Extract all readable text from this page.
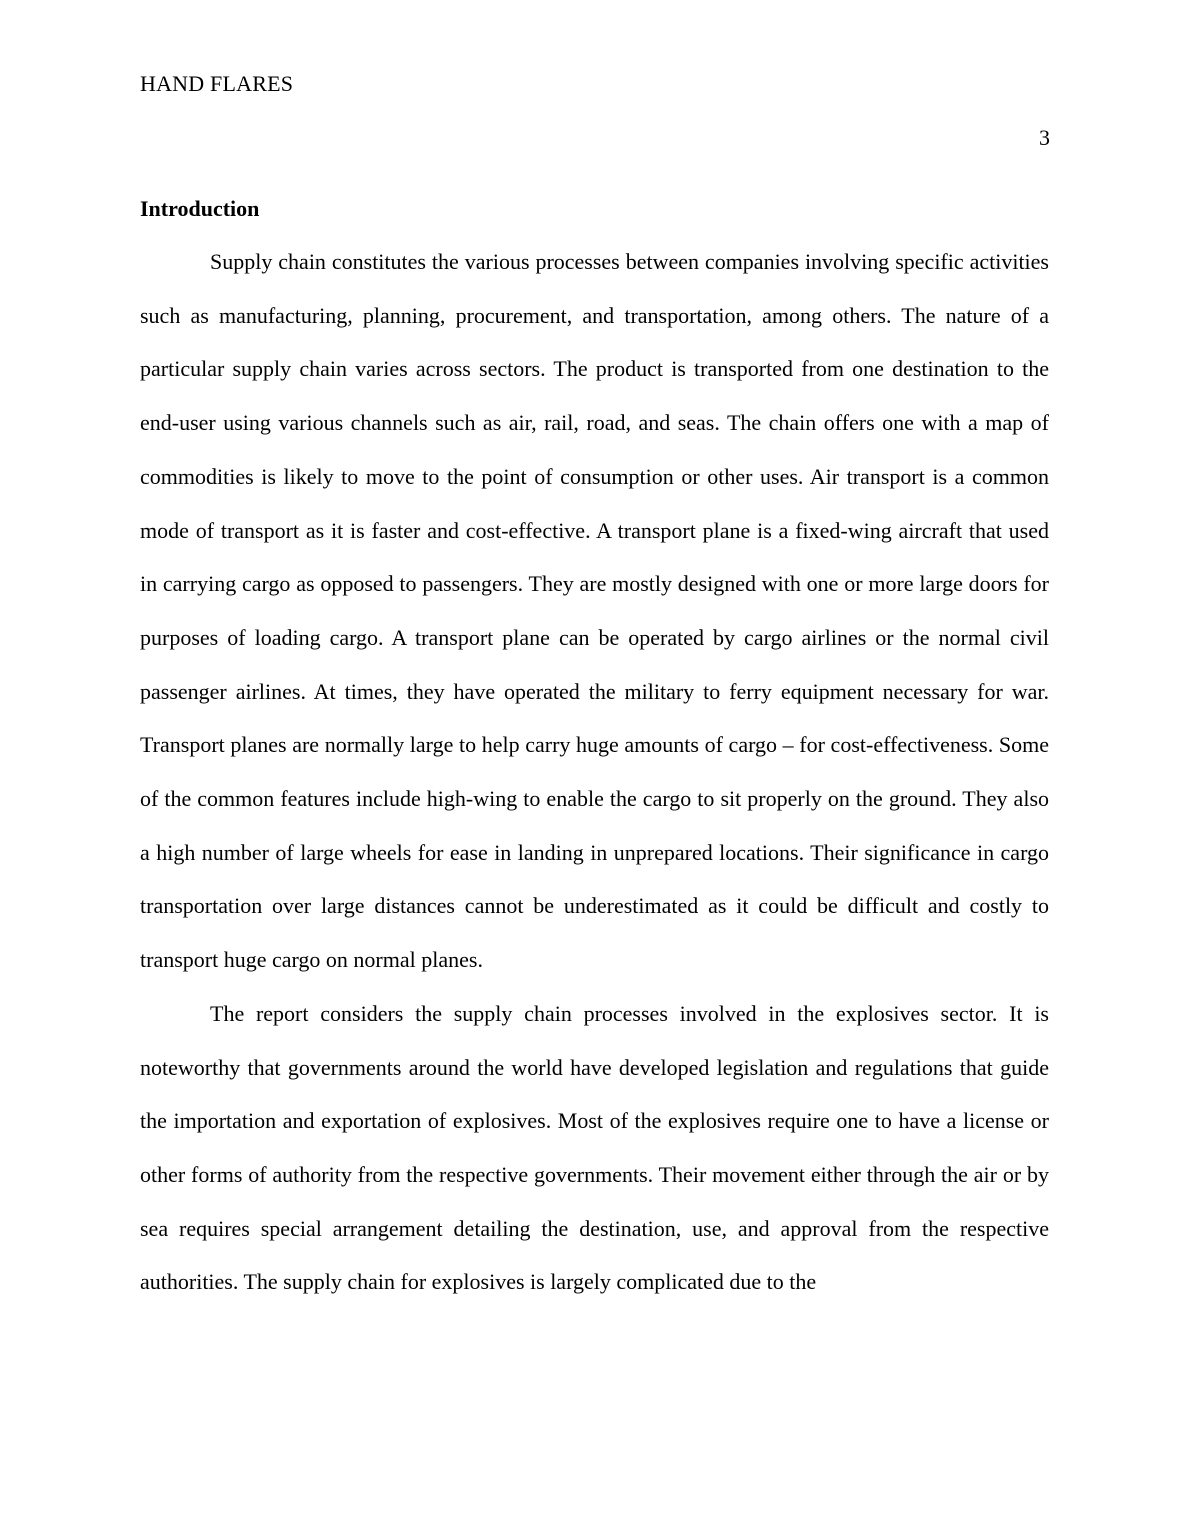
HAND FLARES
3
Introduction

Supply chain constitutes the various processes between companies involving specific activities such as manufacturing, planning, procurement, and transportation, among others. The nature of a particular supply chain varies across sectors. The product is transported from one destination to the end-user using various channels such as air, rail, road, and seas. The chain offers one with a map of commodities is likely to move to the point of consumption or other uses. Air transport is a common mode of transport as it is faster and cost-effective. A transport plane is a fixed-wing aircraft that used in carrying cargo as opposed to passengers. They are mostly designed with one or more large doors for purposes of loading cargo. A transport plane can be operated by cargo airlines or the normal civil passenger airlines. At times, they have operated the military to ferry equipment necessary for war. Transport planes are normally large to help carry huge amounts of cargo – for cost-effectiveness. Some of the common features include high-wing to enable the cargo to sit properly on the ground. They also a high number of large wheels for ease in landing in unprepared locations. Their significance in cargo transportation over large distances cannot be underestimated as it could be difficult and costly to transport huge cargo on normal planes.

The report considers the supply chain processes involved in the explosives sector. It is noteworthy that governments around the world have developed legislation and regulations that guide the importation and exportation of explosives. Most of the explosives require one to have a license or other forms of authority from the respective governments. Their movement either through the air or by sea requires special arrangement detailing the destination, use, and approval from the respective authorities. The supply chain for explosives is largely complicated due to the
